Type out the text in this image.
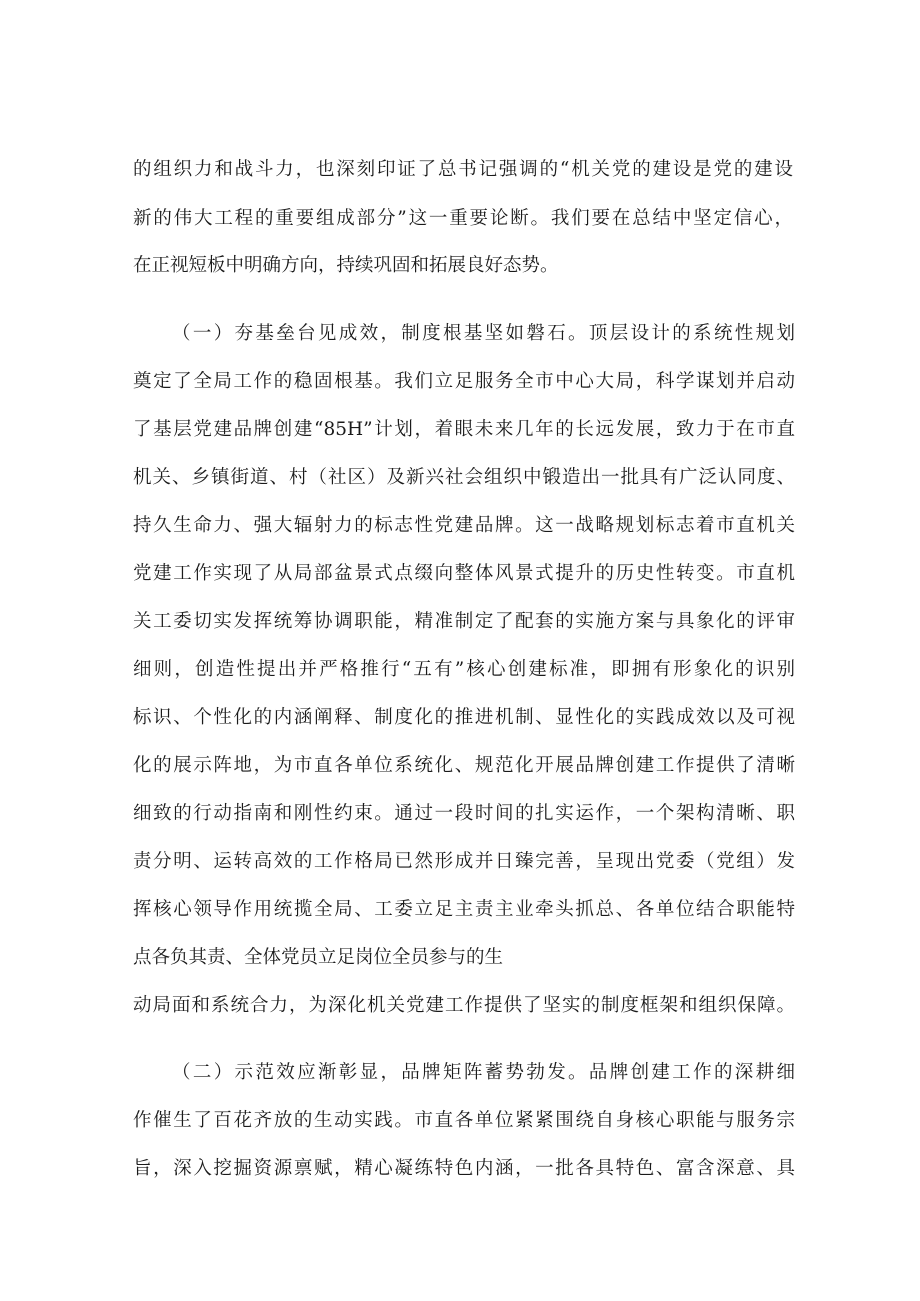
的组织力和战斗力，也深刻印证了总书记强调的“机关党的建设是党的建设
新的伟大工程的重要组成部分”这一重要论断。我们要在总结中坚定信心，
在正视短板中明确方向，持续巩固和拓展良好态势。
（一）夯基垒台见成效，制度根基坚如磐石。顶层设计的系统性规划
奠定了全局工作的稳固根基。我们立足服务全市中心大局，科学谋划并启动
了基层党建品牌创建“85H”计划，着眼未来几年的长远发展，致力于在市直
机关、乡镇街道、村（社区）及新兴社会组织中锻造出一批具有广泛认同度、
持久生命力、强大辐射力的标志性党建品牌。这一战略规划标志着市直机关
党建工作实现了从局部盆景式点缀向整体风景式提升的历史性转变。市直机
关工委切实发挥统筹协调职能，精准制定了配套的实施方案与具象化的评审
细则，创造性提出并严格推行“五有”核心创建标准，即拥有形象化的识别
标识、个性化的内涵阐释、制度化的推进机制、显性化的实践成效以及可视
化的展示阵地，为市直各单位系统化、规范化开展品牌创建工作提供了清晰
细致的行动指南和刚性约束。通过一段时间的扎实运作，一个架构清晰、职
责分明、运转高效的工作格局已然形成并日臻完善，呈现出党委（党组）发
挥核心领导作用统揽全局、工委立足主责主业牵头抓总、各单位结合职能特
点各负其责、全体党员立足岗位全员参与的生
动局面和系统合力，为深化机关党建工作提供了坚实的制度框架和组织保障。
（二）示范效应渐彰显，品牌矩阵蓄势勃发。品牌创建工作的深耕细
作催生了百花齐放的生动实践。市直各单位紧紧围绕自身核心职能与服务宗
旨，深入挖掘资源禀赋，精心凝练特色内涵，一批各具特色、富含深意、具
